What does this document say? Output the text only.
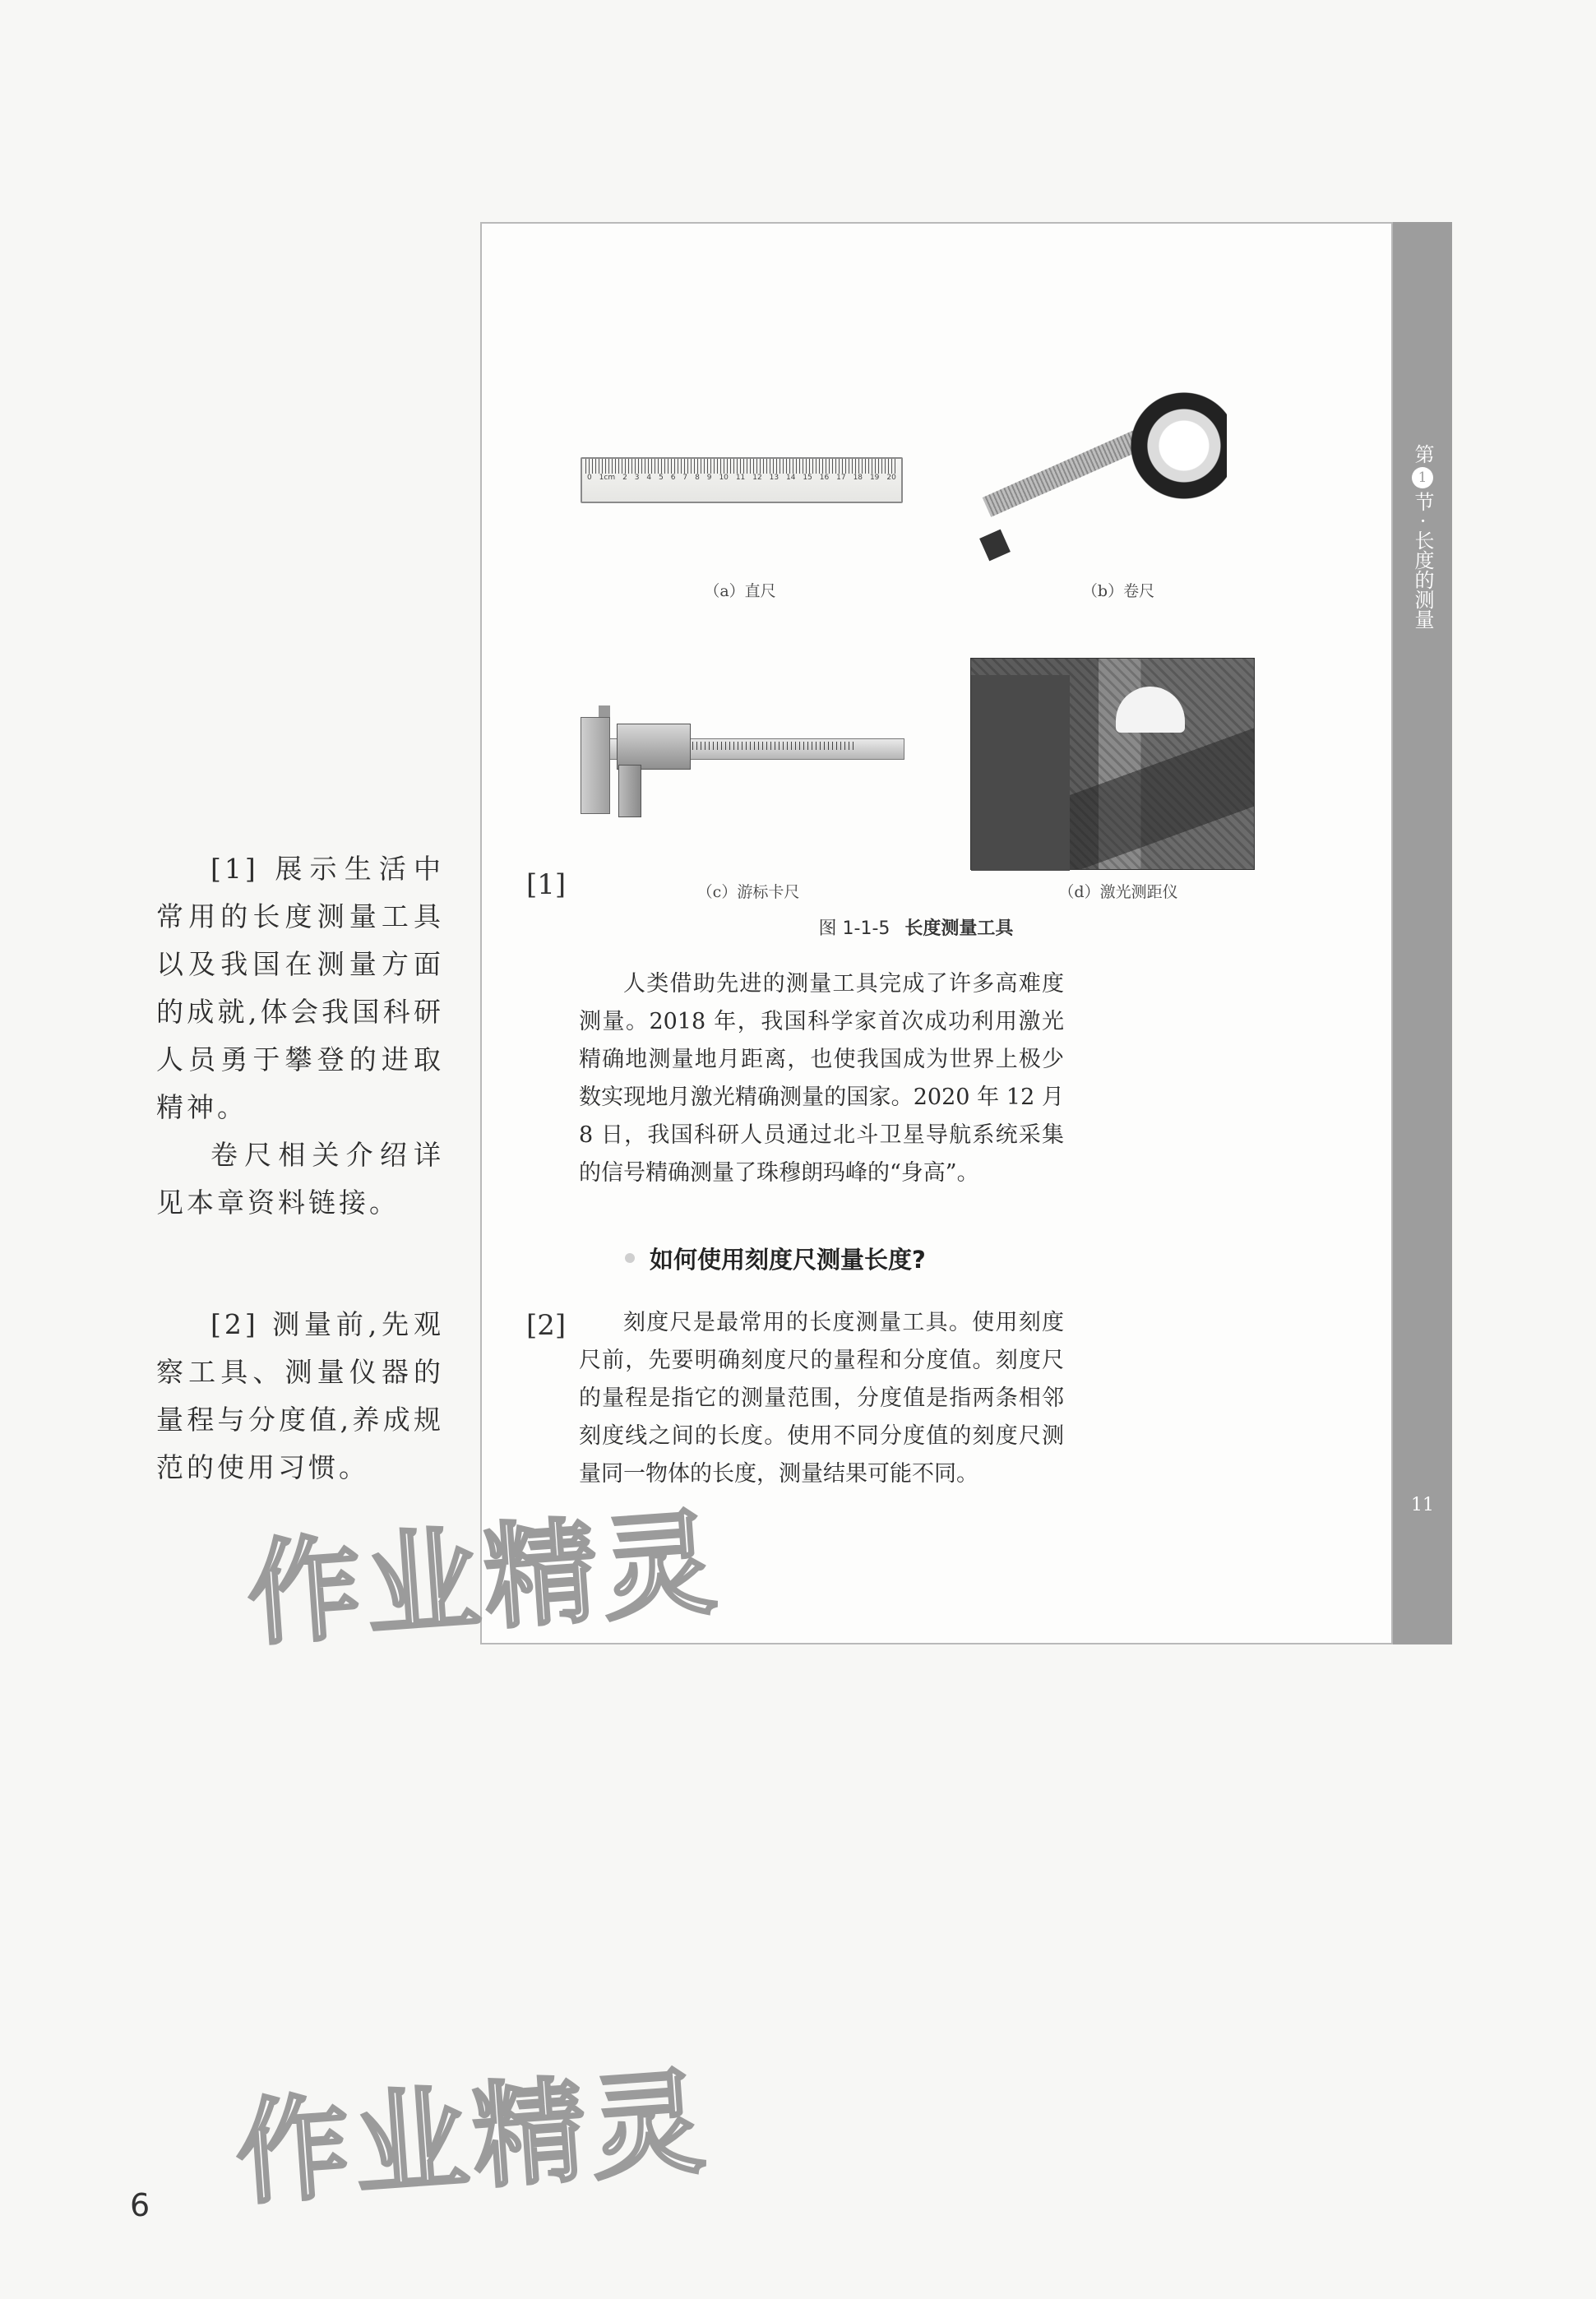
第
1
节 · 长度的测量
11
0 1cm 2 3 4 5 6 7 8 9 10 11 12 13 14 15 16 17 18 19 20
（a）直尺	（b）卷尺
（c）游标卡尺	（d）激光测距仪
图 1-1-5 长度测量工具
[1]
[2]

[1] 展示生活中常用的长度测量工具以及我国在测量方面的成就,体会我国科研人员勇于攀登的进取精神。

卷尺相关介绍详见本章资料链接。

[2] 测量前,先观察工具、测量仪器的量程与分度值,养成规范的使用习惯。

人类借助先进的测量工具完成了许多高难度测量。2018 年，我国科学家首次成功利用激光精确地测量地月距离，也使我国成为世界上极少数实现地月激光精确测量的国家。2020 年 12 月 8 日，我国科研人员通过北斗卫星导航系统采集的信号精确测量了珠穆朗玛峰的“身高”。

如何使用刻度尺测量长度?

刻度尺是最常用的长度测量工具。使用刻度尺前，先要明确刻度尺的量程和分度值。刻度尺的量程是指它的测量范围，分度值是指两条相邻刻度线之间的长度。使用不同分度值的刻度尺测量同一物体的长度，测量结果可能不同。

作业精灵
作业精灵
6
